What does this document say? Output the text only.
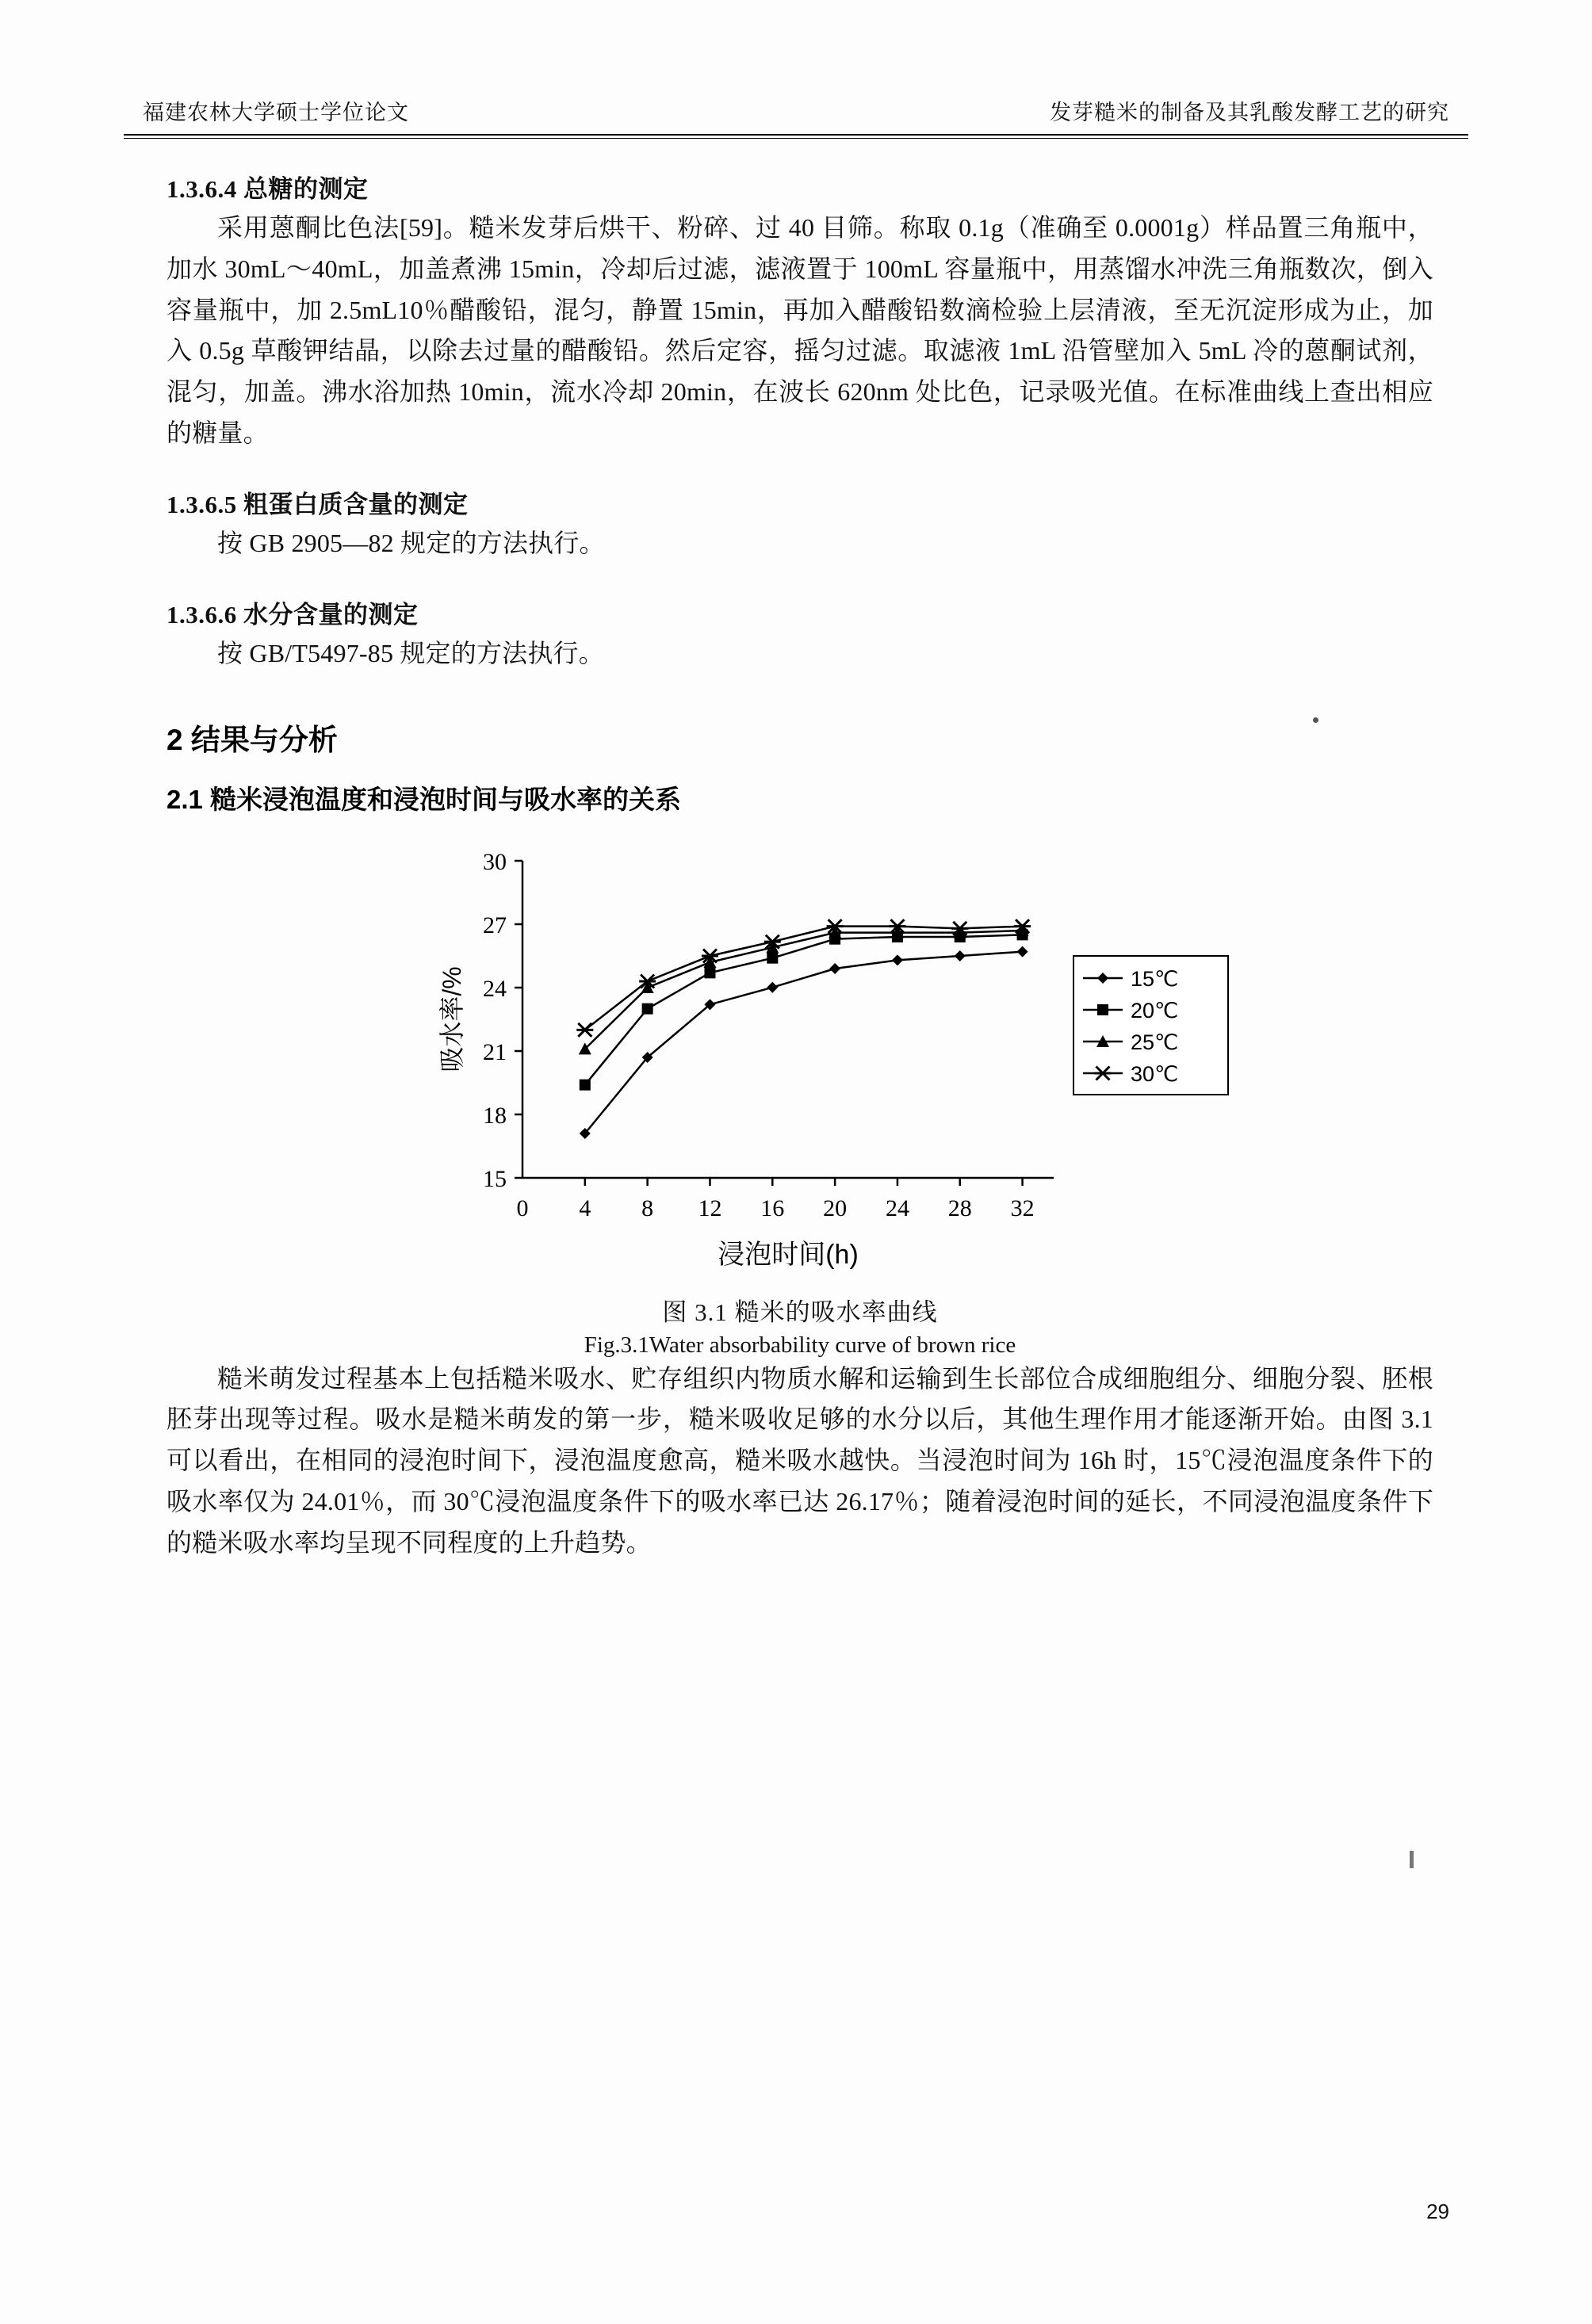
福建农林大学硕士学位论文	发芽糙米的制备及其乳酸发酵工艺的研究
1.3.6.4 总糖的测定

采用蒽酮比色法[59]。糙米发芽后烘干、粉碎、过 40 目筛。称取 0.1g（准确至 0.0001g）样品置三角瓶中，加水 30mL～40mL，加盖煮沸 15min，冷却后过滤，滤液置于 100mL 容量瓶中，用蒸馏水冲洗三角瓶数次，倒入容量瓶中，加 2.5mL10％醋酸铅，混匀，静置 15min，再加入醋酸铅数滴检验上层清液，至无沉淀形成为止，加入 0.5g 草酸钾结晶，以除去过量的醋酸铅。然后定容，摇匀过滤。取滤液 1mL 沿管壁加入 5mL 冷的蒽酮试剂，混匀，加盖。沸水浴加热 10min，流水冷却 20min，在波长 620nm 处比色，记录吸光值。在标准曲线上查出相应的糖量。

1.3.6.5 粗蛋白质含量的测定

按 GB 2905—82 规定的方法执行。

1.3.6.6 水分含量的测定

按 GB/T5497-85 规定的方法执行。

2 结果与分析
2.1 糙米浸泡温度和浸泡时间与吸水率的关系
15
18
21
24
27
30
0 4 8 12 16 20 24 28 32
吸水率/%
浸泡时间(h)
15℃
20℃
25℃
30℃
图 3.1 糙米的吸水率曲线
Fig.3.1Water absorbability curve of brown rice

糙米萌发过程基本上包括糙米吸水、贮存组织内物质水解和运输到生长部位合成细胞组分、细胞分裂、胚根胚芽出现等过程。吸水是糙米萌发的第一步，糙米吸收足够的水分以后，其他生理作用才能逐渐开始。由图 3.1 可以看出，在相同的浸泡时间下，浸泡温度愈高，糙米吸水越快。当浸泡时间为 16h 时，15℃浸泡温度条件下的吸水率仅为 24.01％，而 30℃浸泡温度条件下的吸水率已达 26.17％；随着浸泡时间的延长，不同浸泡温度条件下的糙米吸水率均呈现不同程度的上升趋势。

29
